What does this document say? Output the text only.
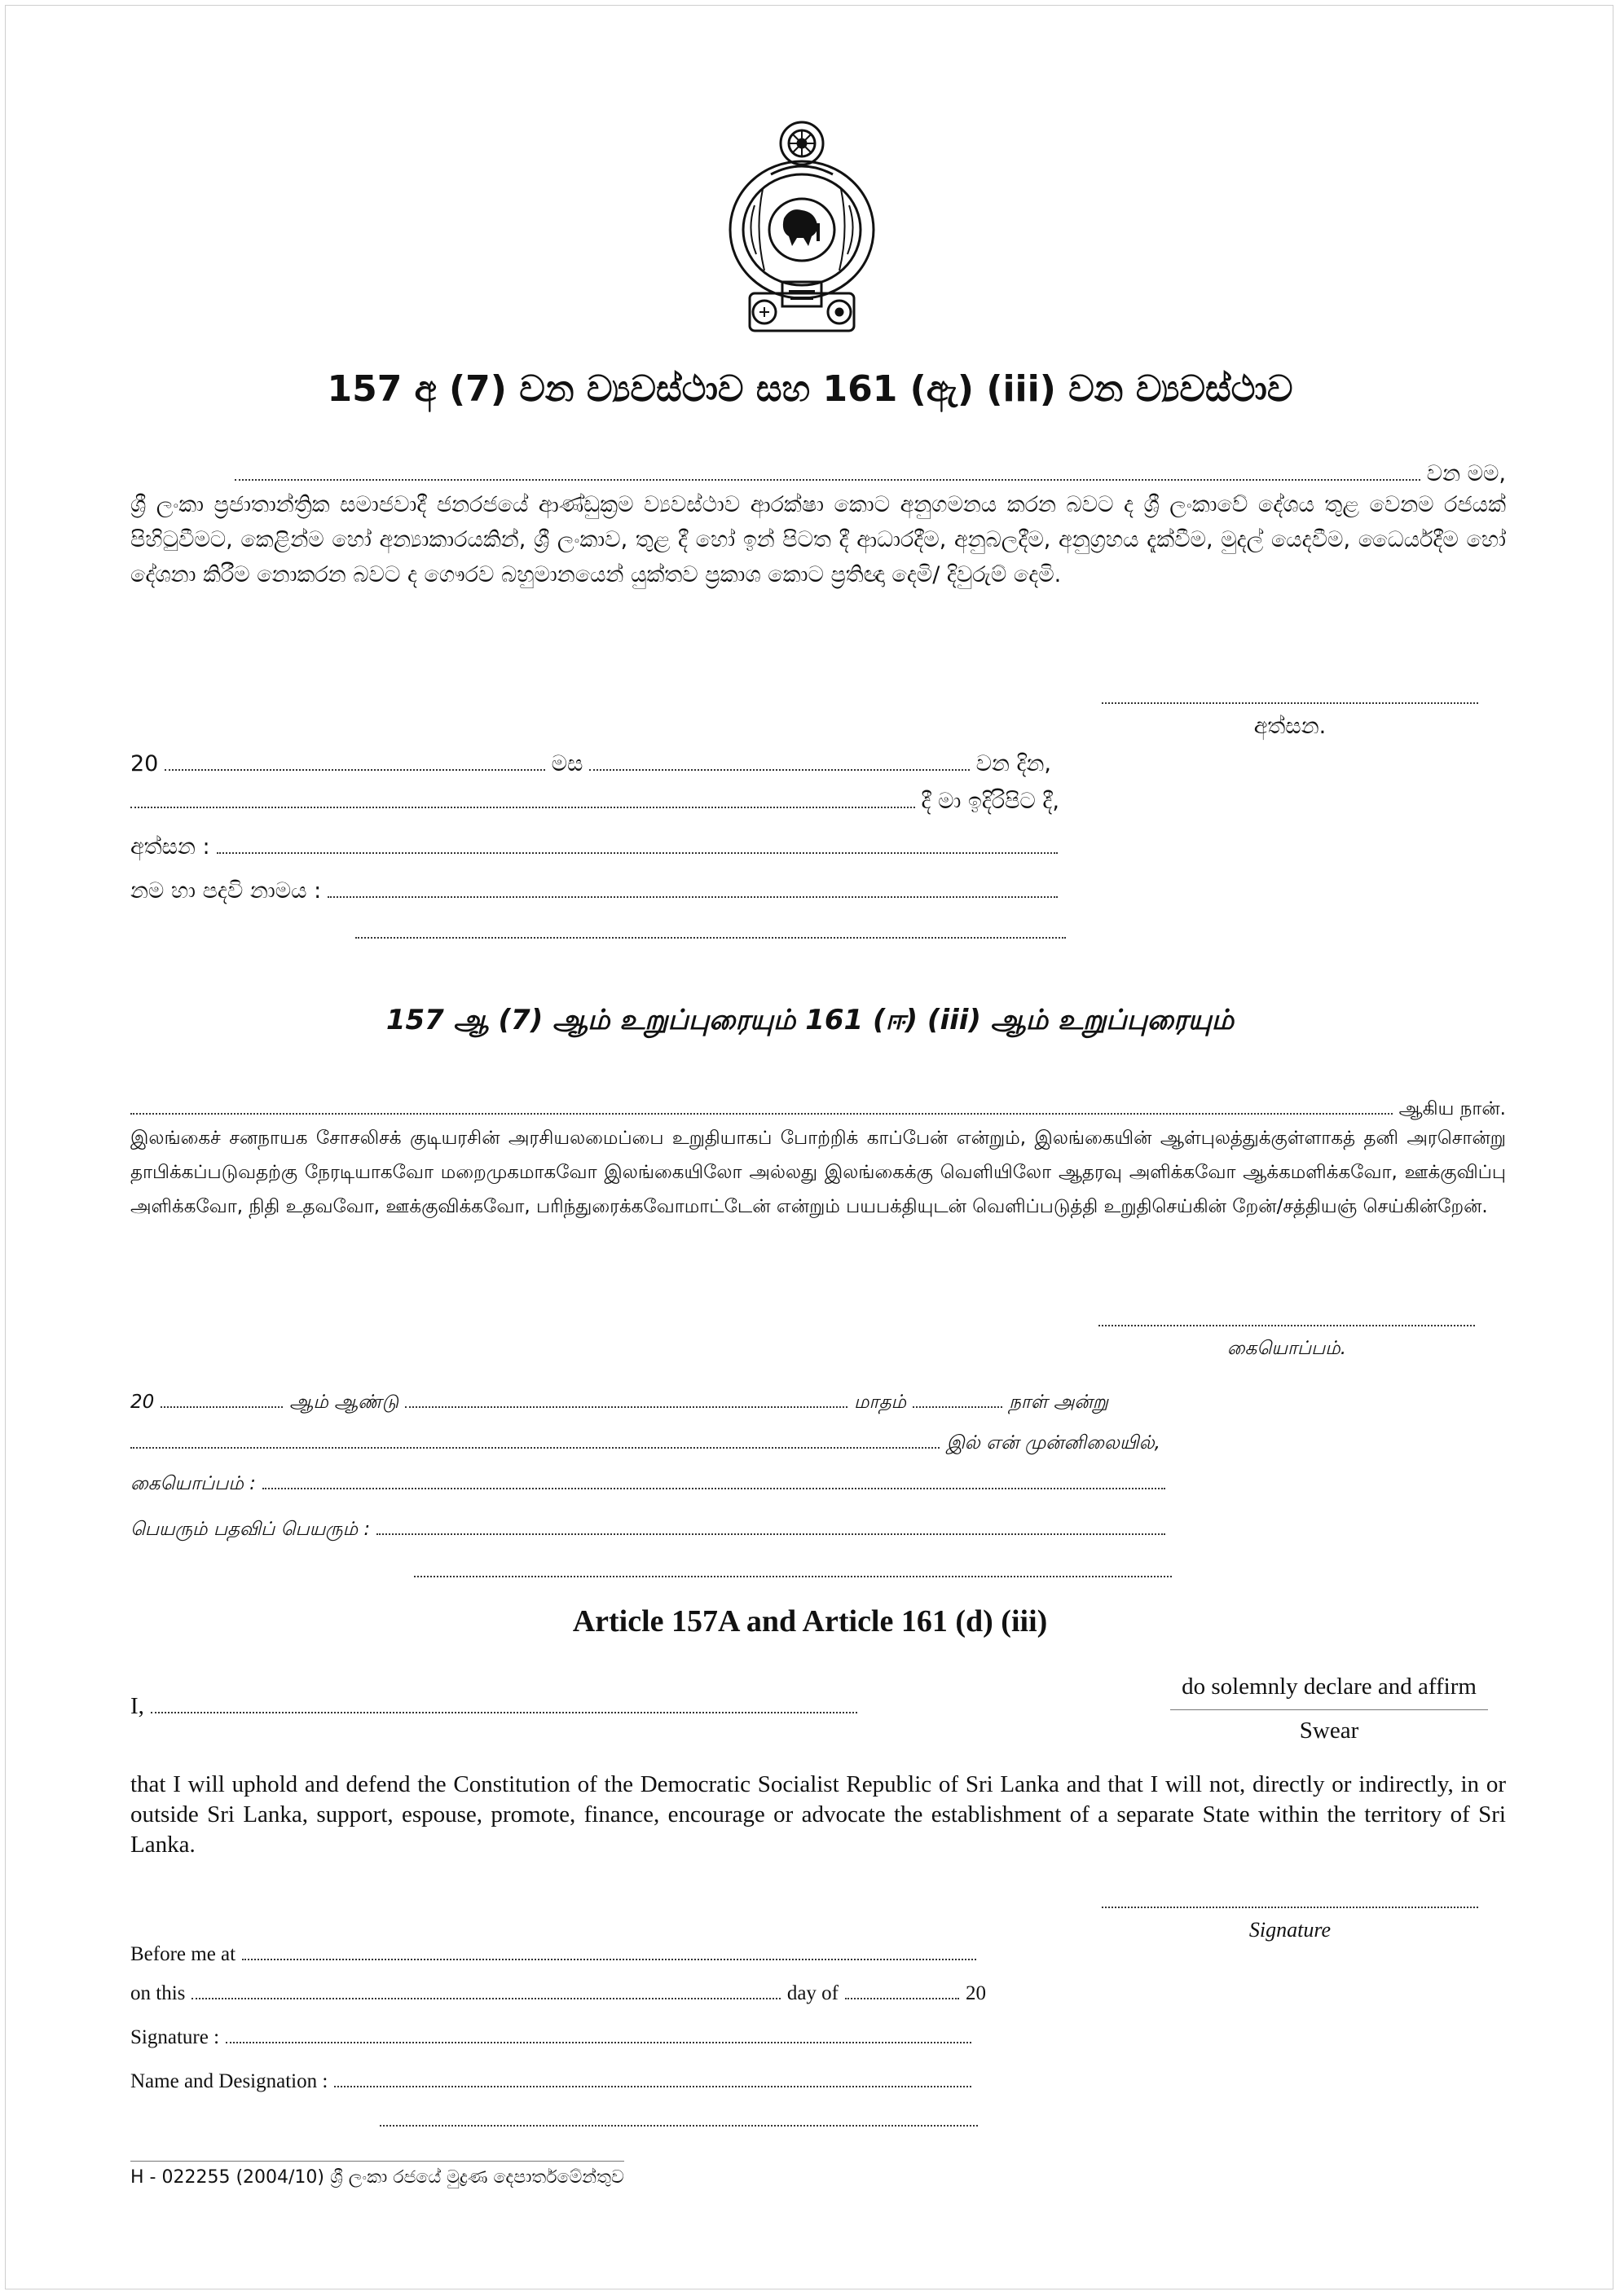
157 අ (7) වන ව්‍යවස්ථාව සහ 161 (ඇ) (iii) වන ව්‍යවස්ථාව
වන මම,
ශ්‍රී ලංකා ප්‍රජාතාන්ත්‍රික සමාජවාදී ජනරජයේ ආණ්ඩුක්‍රම ව්‍යවස්ථාව ආරක්ෂා කොට අනුගමනය කරන බවට ද ශ්‍රී ලංකාවේ දේශය තුළ වෙනම රජයක් පිහිටුවීමට, කෙළින්ම හෝ අන්‍යාකාරයකින්, ශ්‍රී ලංකාව, තුළ දී හෝ ඉන් පිටත දී ආධාරදීම, අනුබලදීම, අනුග්‍රහය දැක්වීම, මුදල් යෙදවීම, ධෛර්යදීම හෝ දේශනා කිරීම නොකරන බවට ද ගෞරව බහුමානයෙන් යුක්තව ප්‍රකාශ කොට ප්‍රතිඥා දෙමි/ දිවුරුම් දෙමි.
අත්සන.
20	මස	වන දින,
දී මා ඉදිරිපිට දී,
අත්සන :
නම හා පදවි නාමය :
157 ஆ (7) ஆம் உறுப்புரையும் 161 (ஈ) (iii) ஆம் உறுப்புரையும்
ஆகிய நான்.
இலங்கைச் சனநாயக சோசலிசக் குடியரசின் அரசியலமைப்பை உறுதியாகப் போற்றிக் காப்பேன் என்றும், இலங்கையின் ஆள்புலத்துக்குள்ளாகத் தனி அரசொன்று தாபிக்கப்படுவதற்கு நேரடியாகவோ மறைமுகமாகவோ இலங்கையிலோ அல்லது இலங்கைக்கு வெளியிலோ ஆதரவு அளிக்கவோ ஆக்கமளிக்கவோ, ஊக்குவிப்பு அளிக்கவோ, நிதி உதவவோ, ஊக்குவிக்கவோ, பரிந்துரைக்கவோமாட்டேன் என்றும் பயபக்தியுடன் வெளிப்படுத்தி உறுதிசெய்கின் றேன்/சத்தியஞ் செய்கின்றேன்.
கையொப்பம்.
20	ஆம் ஆண்டு	மாதம்	நாள் அன்று
இல் என் முன்னிலையில்,
கையொப்பம் :
பெயரும் பதவிப் பெயரும் :
Article 157A and Article 161 (d) (iii)
I,
do solemnly declare and affirm
Swear
that I will uphold and defend the Constitution of the Democratic Socialist Republic of Sri Lanka and that I will not, directly or indirectly, in or outside Sri Lanka, support, espouse, promote, finance, encourage or advocate the establishment of a separate State within the territory of Sri Lanka.
Signature
Before me at
on this	day of	20
Signature :
Name and Designation :
H - 022255 (2004/10) ශ්‍රී ලංකා රජයේ මුද්‍රණ දෙපාර්තමේන්තුව
